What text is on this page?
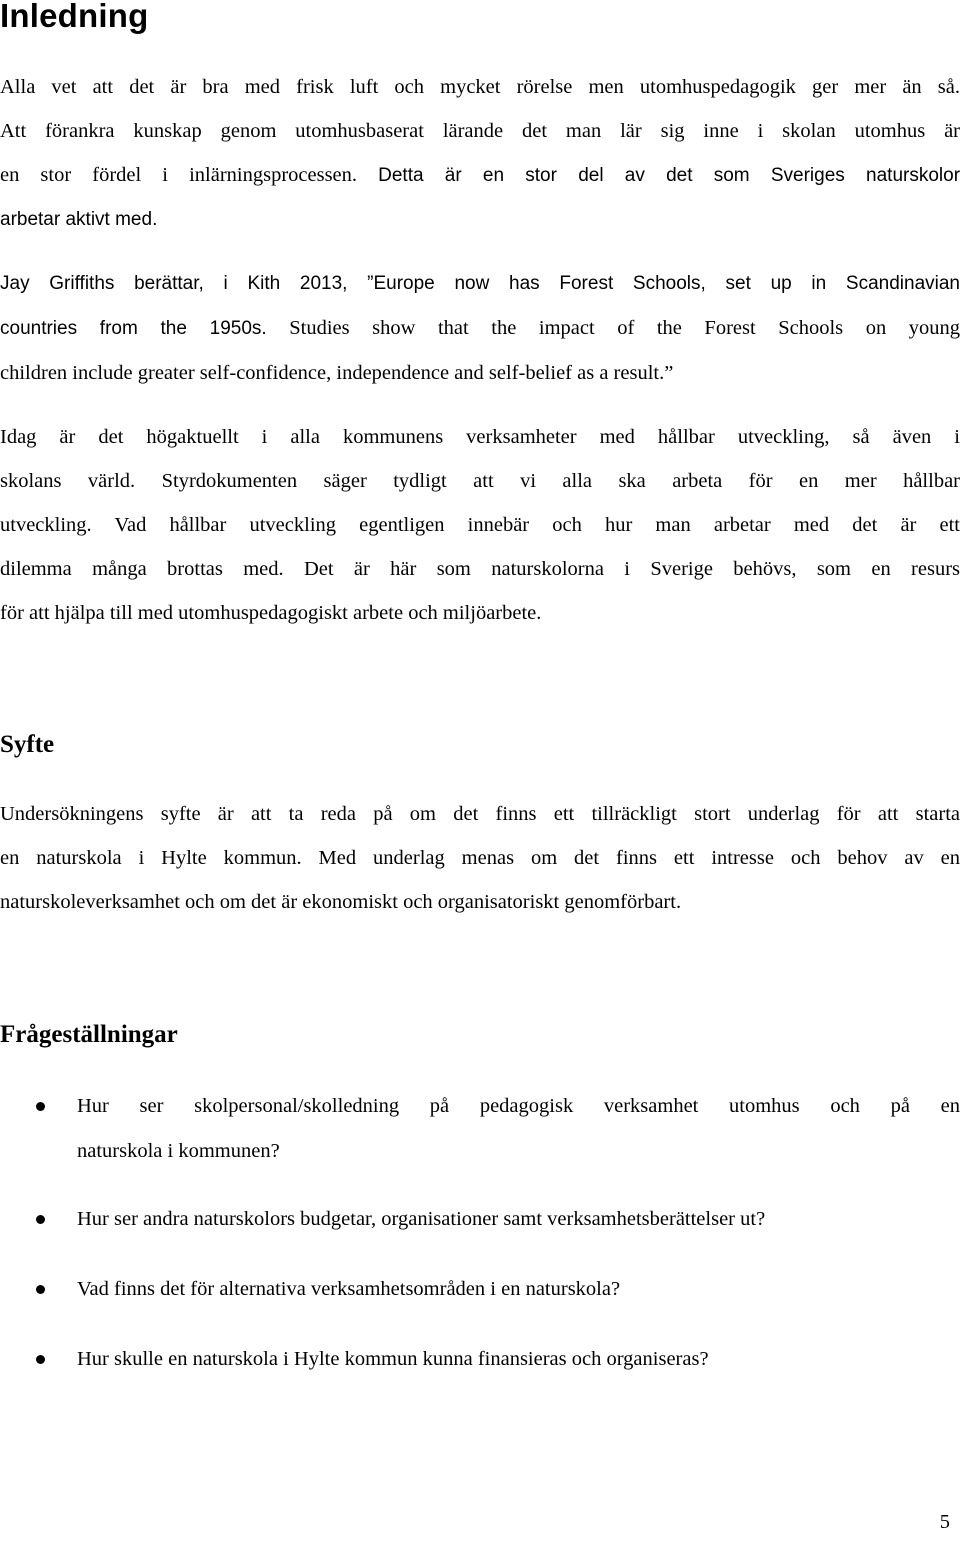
Inledning
Alla vet att det är bra med frisk luft och mycket rörelse men utomhuspedagogik ger mer än så.
Att förankra kunskap genom utomhusbaserat lärande det man lär sig inne i skolan utomhus är
en stor fördel i inlärningsprocessen. Detta är en stor del av det som Sveriges naturskolor
arbetar aktivt med.
Jay Griffiths berättar, i Kith 2013, ”Europe now has Forest Schools, set up in Scandinavian
countries from the 1950s. Studies show that the impact of the Forest Schools on young
children include greater self-confidence, independence and self-belief as a result.”
Idag är det högaktuellt i alla kommunens verksamheter med hållbar utveckling, så även i
skolans värld. Styrdokumenten säger tydligt att vi alla ska arbeta för en mer hållbar
utveckling. Vad hållbar utveckling egentligen innebär och hur man arbetar med det är ett
dilemma många brottas med. Det är här som naturskolorna i Sverige behövs, som en resurs
för att hjälpa till med utomhuspedagogiskt arbete och miljöarbete.
Syfte
Undersökningens syfte är att ta reda på om det finns ett tillräckligt stort underlag för att starta
en naturskola i Hylte kommun. Med underlag menas om det finns ett intresse och behov av en
naturskoleverksamhet och om det är ekonomiskt och organisatoriskt genomförbart.
Frågeställningar
Hur ser skolpersonal/skolledning på pedagogisk verksamhet utomhus och på en
naturskola i kommunen?
Hur ser andra naturskolors budgetar, organisationer samt verksamhetsberättelser ut?
Vad finns det för alternativa verksamhetsområden i en naturskola?
Hur skulle en naturskola i Hylte kommun kunna finansieras och organiseras?
5
